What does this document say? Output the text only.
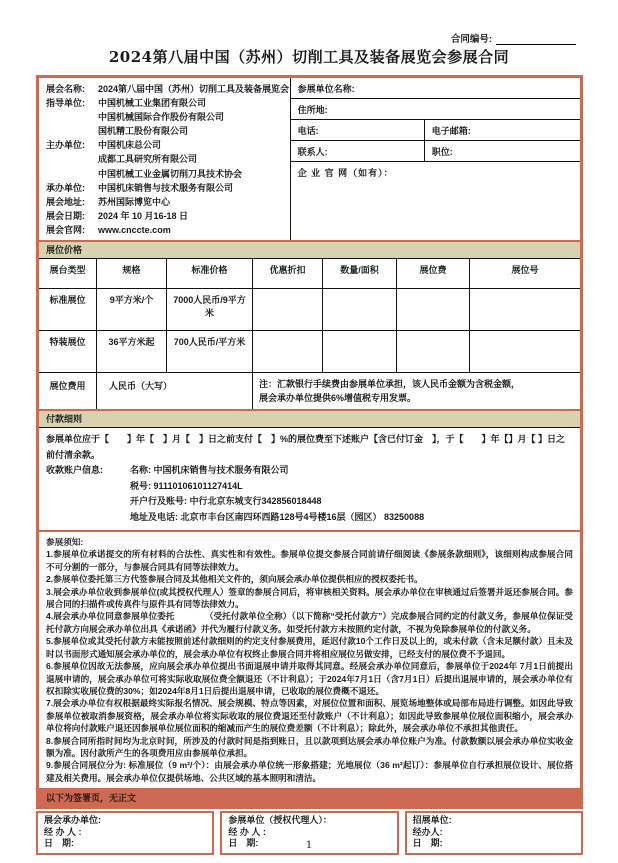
合同编号:
2024第八届中国（苏州）切削工具及装备展览会参展合同
展会名称:	2024第八届中国（苏州）切削工具及装备展览会
指导单位:	中国机械工业集团有限公司
中国机械国际合作股份有限公司
国机精工股份有限公司
主办单位:	中国机床总公司
成都工具研究所有限公司
中国机械工业金属切削刀具技术协会
承办单位:	中国机床销售与技术服务有限公司
展会地址:	苏州国际博览中心
展会日期:	2024 年 10 月16-18 日
展会官网:	www.cnccte.com
参展单位名称:
住所地:
电话:	电子邮箱:
联系人:	职位:
企 业 官 网（如有）：
展位价格
展台类型	规格	标准价格	优惠折扣	数量/面积	展位费	展位号
标准展位	9平方米/个	7000人民币/9平方米
特装展位	36平方米起	700人民币/平方米
展位费用	人民币（大写）	注：汇款银行手续费由参展单位承担，该人民币金额为含税金额，
展会承办单位提供6%增值税专用发票。
付款细则

参展单位应于【　　】年【　】月【　】日之前支付【　】%的展位费至下述账户【含已付订金　】，于【　　】年【】月【 】日之前付清余款。

收款账户信息:	名称: 中国机床销售与技术服务有限公司
税号: 91110106101127414L
开户行及账号: 中行北京东城支行342856018448
地址及电话: 北京市丰台区南四环西路128号4号楼16层（园区） 83250088

参展须知:

1.参展单位承诺提交的所有材料的合法性、真实性和有效性。参展单位提交参展合同前请仔细阅读《参展条款细则》，该细则构成参展合同不可分割的一部分，与参展合同具有同等法律效力。

2.参展单位委托第三方代签参展合同及其他相关文件的，须向展会承办单位提供相应的授权委托书。

3.展会承办单位收到参展单位(或其授权代理人）签章的参展合同后，将审核相关资料。展会承办单位在审核通过后签署并返还参展合同。参展合同的扫描件或传真件与原件具有同等法律效力。

4.展会承办单位同意参展单位委托　　　　（受托付款单位全称）（以下简称“受托付款方”）完成参展合同约定的付款义务，参展单位保证受托付款方向展会承办单位出具《承诺函》并代为履行付款义务。如受托付款方未按照约定付款，不视为免除参展单位的付款义务。

5.参展单位或其受托付款方未能按照前述付款细则的约定支付参展费用，延迟付款10个工作日及以上的，或未付款（含未足额付款）且未及时以书面形式通知展会承办单位的，展会承办单位有权终止参展合同并将相应展位另做安排，已经支付的展位费不予退回。

6.参展单位因故无法参展，应向展会承办单位提出书面退展申请并取得其同意。经展会承办单位同意后，参展单位于2024年 7月1日前提出退展申请的，展会承办单位可将实际收取展位费全额退还（不计利息）；于2024年7月1日（含7月1日）后提出退展申请的，展会承办单位有权扣除实收展位费的30%；如2024年8月1日后提出退展申请，已收取的展位费概不退还。

7.展会承办单位有权根据最终实际报名情况、展会规模、特点等因素，对展位位置和面积、展览场地整体或局部布局进行调整。如因此导致参展单位被取消参展资格，展会承办单位将实际收取的展位费退还至付款账户（不计利息）；如因此导致参展单位展位面积缩小，展会承办单位将向付款账户退还因参展单位展位面积的缩减而产生的展位费差额（不计利息）；除此外，展会承办单位不承担其他责任。

8.参展合同所指时间均为北京时间，所涉及的付款时间是指到账日，且以款项到达展会承办单位账户为准。付款数额以展会承办单位实收金额为准。因付款所产生的各项费用应由参展单位承担。

9.参展合同展位分为: 标准展位（9 m²/个）：由展会承办单位统一形象搭建；光地展位（36 m²起订）：参展单位自行承担展位设计、展位搭建及相关费用。展会承办单位仅提供场地、公共区域的基本照明和清洁。

以下为签署页，无正文
展会承办单位:
经 办 人 :
日　期:
参展单位（授权代理人）：
经 办 人 :
日　期:
招展单位:
经办人:
日　期:
1
